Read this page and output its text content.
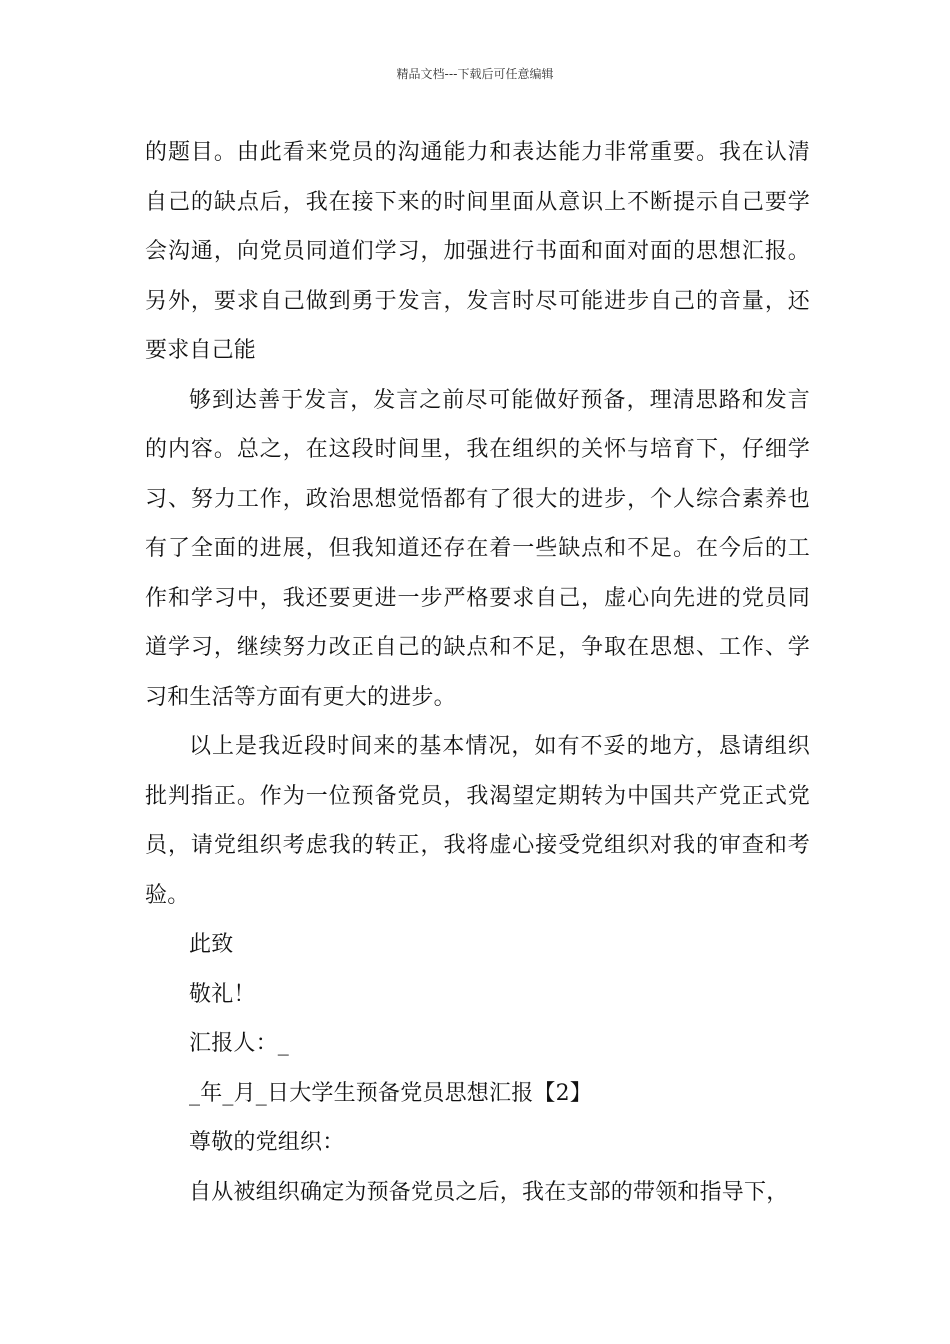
精品文档---下载后可任意编辑

的题目。由此看来党员的沟通能力和表达能力非常重要。我在认清自己的缺点后，我在接下来的时间里面从意识上不断提示自己要学会沟通，向党员同道们学习，加强进行书面和面对面的思想汇报。另外，要求自己做到勇于发言，发言时尽可能进步自己的音量，还要求自己能

够到达善于发言，发言之前尽可能做好预备，理清思路和发言的内容。总之，在这段时间里，我在组织的关怀与培育下，仔细学习、努力工作，政治思想觉悟都有了很大的进步，个人综合素养也有了全面的进展，但我知道还存在着一些缺点和不足。在今后的工作和学习中，我还要更进一步严格要求自己，虚心向先进的党员同道学习，继续努力改正自己的缺点和不足，争取在思想、工作、学习和生活等方面有更大的进步。

以上是我近段时间来的基本情况，如有不妥的地方，恳请组织批判指正。作为一位预备党员，我渴望定期转为中国共产党正式党员，请党组织考虑我的转正，我将虚心接受党组织对我的审查和考验。

此致

敬礼！

汇报人：_

_年_月_日大学生预备党员思想汇报【2】

尊敬的党组织：

自从被组织确定为预备党员之后，我在支部的带领和指导下，
